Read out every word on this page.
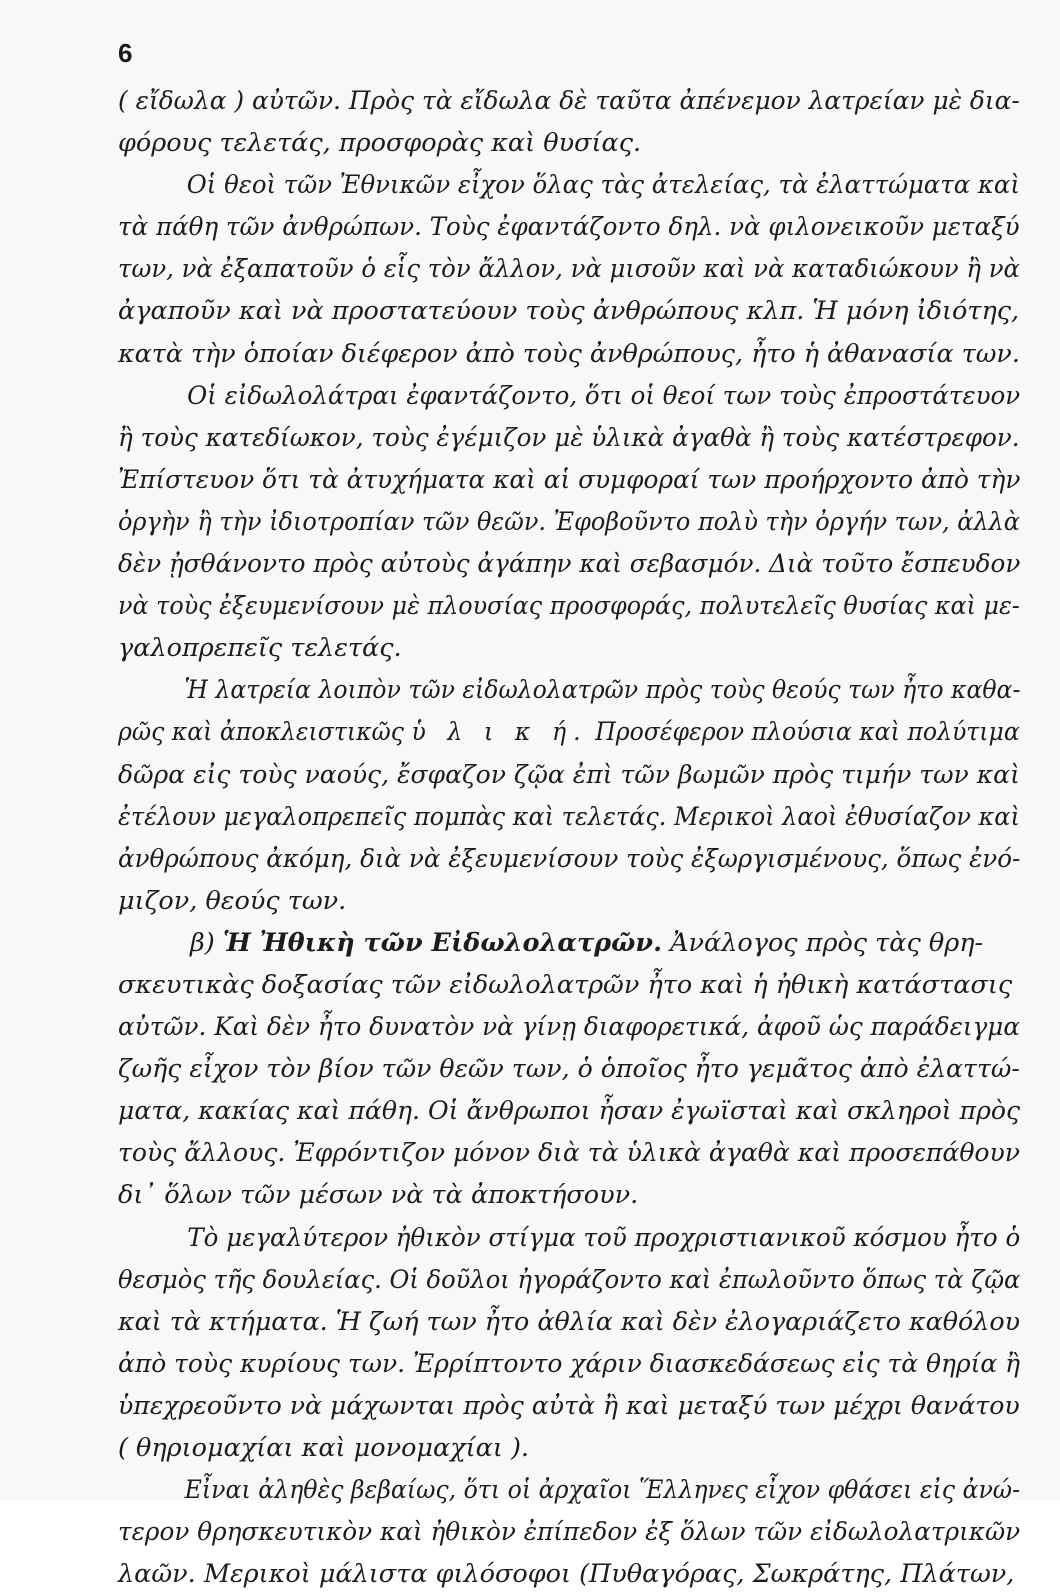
6
( εἴδωλα ) αὐτῶν. Πρὸς τὰ εἴδωλα δὲ ταῦτα ἀπένεμον λατρείαν μὲ δια-
φόρους τελετάς, προσφορὰς καὶ θυσίας.
Οἱ θεοὶ τῶν Ἐθνικῶν εἶχον ὅλας τὰς ἀτελείας, τὰ ἐλαττώματα καὶ
τὰ πάθη τῶν ἀνθρώπων. Τοὺς ἐφαντάζοντο δηλ. νὰ φιλονεικοῦν μεταξύ
των, νὰ ἐξαπατοῦν ὁ εἷς τὸν ἄλλον, νὰ μισοῦν καὶ νὰ καταδιώκουν ἢ νὰ
ἀγαποῦν καὶ νὰ προστατεύουν τοὺς ἀνθρώπους κλπ. Ἡ μόνη ἰδιότης,
κατὰ τὴν ὁποίαν διέφερον ἀπὸ τοὺς ἀνθρώπους, ἦτο ἡ ἀθανασία των.
Οἱ εἰδωλολάτραι ἐφαντάζοντο, ὅτι οἱ θεοί των τοὺς ἐπροστάτευον
ἢ τοὺς κατεδίωκον, τοὺς ἐγέμιζον μὲ ὑλικὰ ἀγαθὰ ἢ τοὺς κατέστρεφον.
Ἐπίστευον ὅτι τὰ ἀτυχήματα καὶ αἱ συμφοραί των προήρχοντο ἀπὸ τὴν
ὀργὴν ἢ τὴν ἰδιοτροπίαν τῶν θεῶν. Ἐφοβοῦντο πολὺ τὴν ὀργήν των, ἀλλὰ
δὲν ᾐσθάνοντο πρὸς αὐτοὺς ἀγάπην καὶ σεβασμόν. Διὰ τοῦτο ἔσπευδον
νὰ τοὺς ἐξευμενίσουν μὲ πλουσίας προσφοράς, πολυτελεῖς θυσίας καὶ με-
γαλοπρεπεῖς τελετάς.
Ἡ λατρεία λοιπὸν τῶν εἰδωλολατρῶν πρὸς τοὺς θεούς των ἦτο καθα-
ρῶς καὶ ἀποκλειστικῶς ὑ λ ι κ ή. Προσέφερον πλούσια καὶ πολύτιμα
δῶρα εἰς τοὺς ναούς, ἔσφαζον ζῷα ἐπὶ τῶν βωμῶν πρὸς τιμήν των καὶ
ἐτέλουν μεγαλοπρεπεῖς πομπὰς καὶ τελετάς. Μερικοὶ λαοὶ ἐθυσίαζον καὶ
ἀνθρώπους ἀκόμη, διὰ νὰ ἐξευμενίσουν τοὺς ἐξωργισμένους, ὅπως ἐνό-
μιζον, θεούς των.
β) Ἡ Ἠθικὴ τῶν Εἰδωλολατρῶν. Ἀνάλογος πρὸς τὰς θρη-
σκευτικὰς δοξασίας τῶν εἰδωλολατρῶν ἦτο καὶ ἡ ἠθικὴ κατάστασις
αὐτῶν. Καὶ δὲν ἦτο δυνατὸν νὰ γίνῃ διαφορετικά, ἀφοῦ ὡς παράδειγμα
ζωῆς εἶχον τὸν βίον τῶν θεῶν των, ὁ ὁποῖος ἦτο γεμᾶτος ἀπὸ ἐλαττώ-
ματα, κακίας καὶ πάθη. Οἱ ἄνθρωποι ἦσαν ἐγωϊσταὶ καὶ σκληροὶ πρὸς
τοὺς ἄλλους. Ἐφρόντιζον μόνον διὰ τὰ ὑλικὰ ἀγαθὰ καὶ προσεπάθουν
δι᾽ ὅλων τῶν μέσων νὰ τὰ ἀποκτήσουν.
Τὸ μεγαλύτερον ἠθικὸν στίγμα τοῦ προχριστιανικοῦ κόσμου ἦτο ὁ
θεσμὸς τῆς δουλείας. Οἱ δοῦλοι ἠγοράζοντο καὶ ἐπωλοῦντο ὅπως τὰ ζῷα
καὶ τὰ κτήματα. Ἡ ζωή των ἦτο ἀθλία καὶ δὲν ἐλογαριάζετο καθόλου
ἀπὸ τοὺς κυρίους των. Ἐρρίπτοντο χάριν διασκεδάσεως εἰς τὰ θηρία ἢ
ὑπεχρεοῦντο νὰ μάχωνται πρὸς αὐτὰ ἢ καὶ μεταξύ των μέχρι θανάτου
( θηριομαχίαι καὶ μονομαχίαι ).
Εἶναι ἀληθὲς βεβαίως, ὅτι οἱ ἀρχαῖοι Ἕλληνες εἶχον φθάσει εἰς ἀνώ-
τερον θρησκευτικὸν καὶ ἠθικὸν ἐπίπεδον ἐξ ὅλων τῶν εἰδωλολατρικῶν
λαῶν. Μερικοὶ μάλιστα φιλόσοφοι (Πυθαγόρας, Σωκράτης, Πλάτων,
